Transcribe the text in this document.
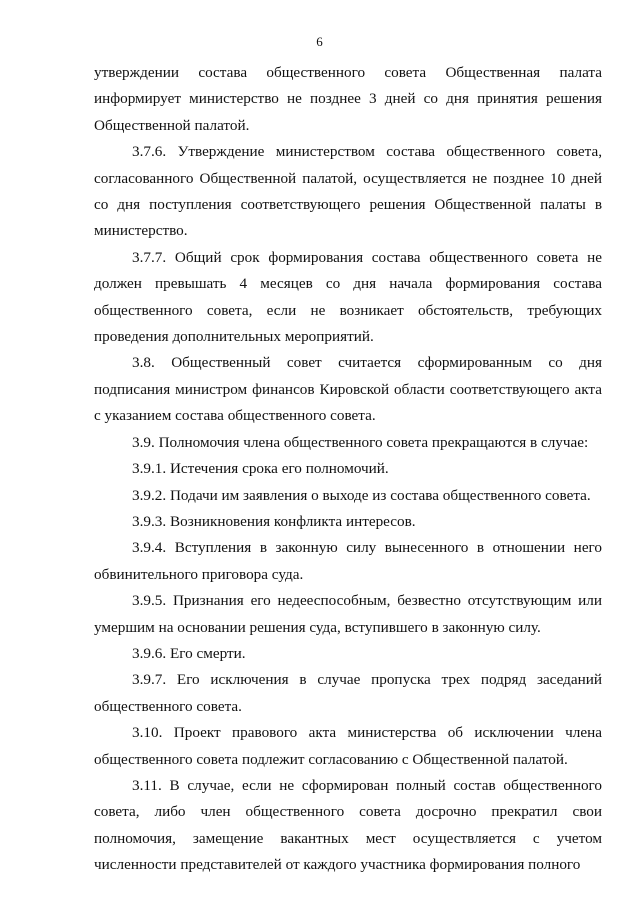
6

утверждении состава общественного совета Общественная палата информирует министерство не позднее 3 дней со дня принятия решения Общественной палатой.

3.7.6. Утверждение министерством состава общественного совета, согласованного Общественной палатой, осуществляется не позднее 10 дней со дня поступления соответствующего решения Общественной палаты в министерство.

3.7.7. Общий срок формирования состава общественного совета не должен превышать 4 месяцев со дня начала формирования состава общественного совета, если не возникает обстоятельств, требующих проведения дополнительных мероприятий.

3.8. Общественный совет считается сформированным со дня подписания министром финансов Кировской области соответствующего акта с указанием состава общественного совета.

3.9. Полномочия члена общественного совета прекращаются в случае:

3.9.1. Истечения срока его полномочий.

3.9.2. Подачи им заявления о выходе из состава общественного совета.

3.9.3. Возникновения конфликта интересов.

3.9.4. Вступления в законную силу вынесенного в отношении него обвинительного приговора суда.

3.9.5. Признания его недееспособным, безвестно отсутствующим или умершим на основании решения суда, вступившего в законную силу.

3.9.6. Его смерти.

3.9.7. Его исключения в случае пропуска трех подряд заседаний общественного совета.

3.10. Проект правового акта министерства об исключении члена общественного совета подлежит согласованию с Общественной палатой.

3.11. В случае, если не сформирован полный состав общественного совета, либо член общественного совета досрочно прекратил свои полномочия, замещение вакантных мест осуществляется с учетом численности представителей от каждого участника формирования полного
